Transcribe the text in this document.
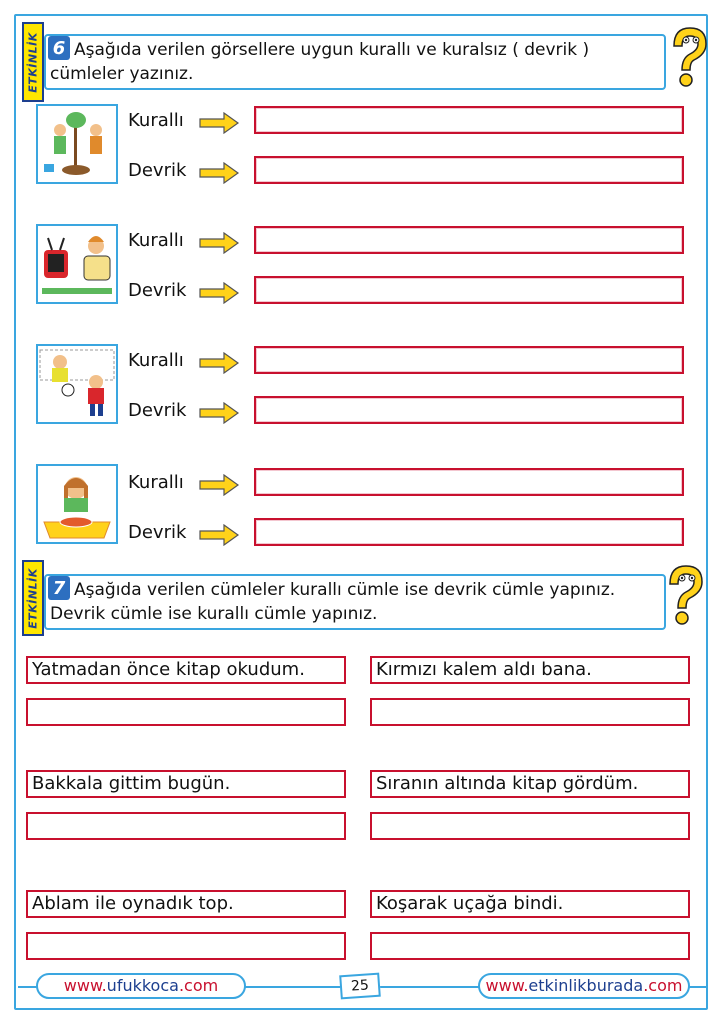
ETKİNLİK 6 Aşağıda verilen görsellere uygun kurallı ve kuralsız ( devrik )
cümleler yazınız.
Kurallı
Devrik
Kurallı
Devrik
Kurallı
Devrik
Kurallı
Devrik
ETKİNLİK 7 Aşağıda verilen cümleler kurallı cümle ise devrik cümle yapınız.
Devrik cümle ise kurallı cümle yapınız.
Yatmadan önce kitap okudum.	Kırmızı kalem aldı bana.
Bakkala gittim bugün.	Sıranın altında kitap gördüm.
Ablam ile oynadık top.	Koşarak uçağa bindi.
www.ufukkoca.com	25	www.etkinlikburada.com
